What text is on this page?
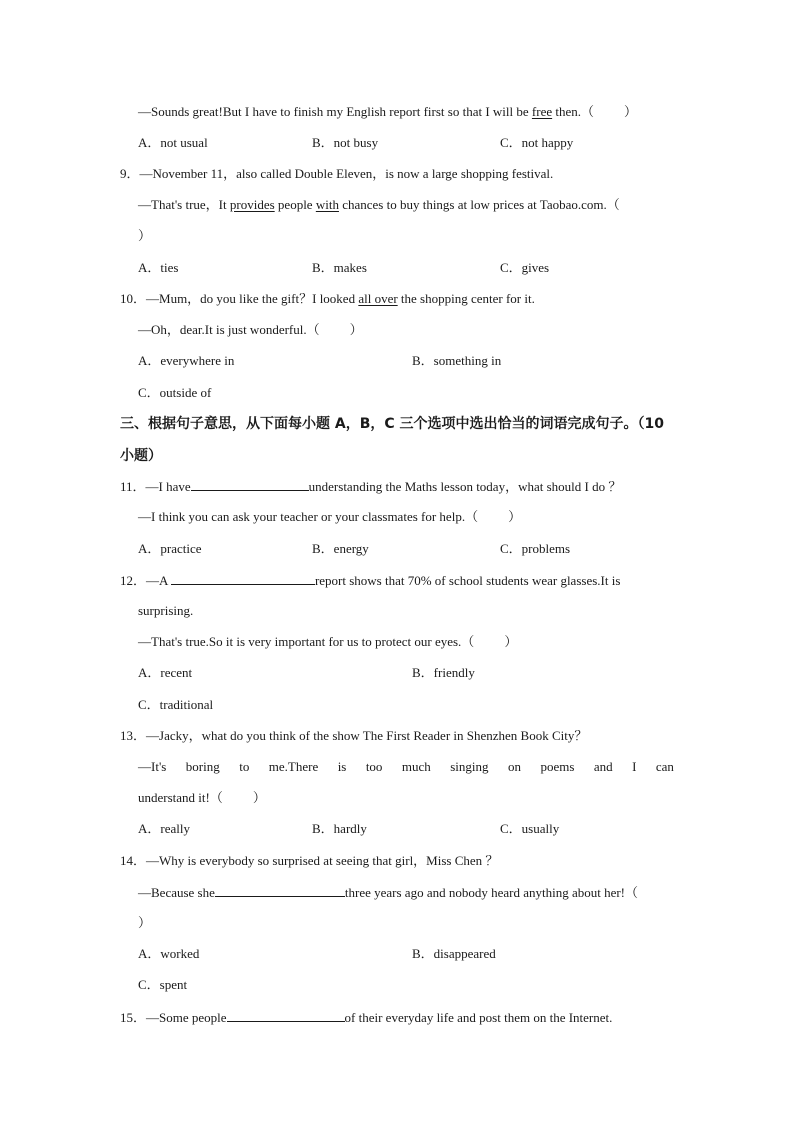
—Sounds great!But I have to finish my English report first so that I will be free then.（ ）
A．not usual	B．not busy	C．not happy
9．—November 11，also called Double Eleven，is now a large shopping festival.
—That's true，It provides people with chances to buy things at low prices at Taobao.com.（
）
A．ties	B．makes	C．gives
10．—Mum，do you like the gift？I looked all over the shopping center for it.
—Oh，dear.It is just wonderful.（ ）
A．everywhere in	B．something in
C．outside of
三、根据句子意思，从下面每小题 A，B，C 三个选项中选出恰当的词语完成句子。（10 小题）
11．—I have	understanding the Maths lesson today，what should I do ？
—I think you can ask your teacher or your classmates for help.（ ）
A．practice	B．energy	C．problems
12．—A	report shows that 70% of school students wear glasses.It is
surprising.
—That's true.So it is very important for us to protect our eyes.（ ）
A．recent	B．friendly
C．traditional
13．—Jacky，what do you think of the show The First Reader in Shenzhen Book City？
—It's boring to me.There is too much singing on poems and I can
understand it!（ ）
A．really	B．hardly	C．usually
14．—Why is everybody so surprised at seeing that girl，Miss Chen ？
—Because she	three years ago and nobody heard anything about her!（
）
A．worked	B．disappeared
C．spent
15．—Some people	of their everyday life and post them on the Internet.
